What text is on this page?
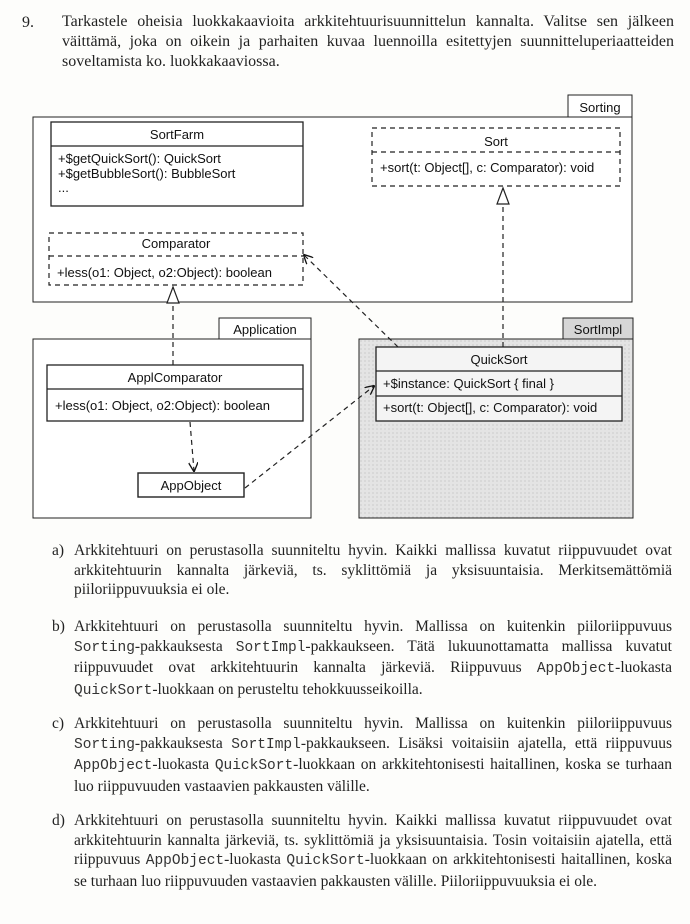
9. Tarkastele oheisia luokkakaavioita arkkitehtuurisuunnittelun kannalta. Valitse sen jälkeen väittämä, joka on oikein ja parhaiten kuvaa luennoilla esitettyjen suunnitteluperiaatteiden soveltamista ko. luokkakaaviossa.
Sorting
SortFarm
+$getQuickSort(): QuickSort
+$getBubbleSort(): BubbleSort
...
Sort
+sort(t: Object[], c: Comparator): void
Comparator
+less(o1: Object, o2:Object): boolean
Application
ApplComparator
+less(o1: Object, o2:Object): boolean
AppObject
SortImpl
QuickSort
+$instance: QuickSort { final }
+sort(t: Object[], c: Comparator): void
a) Arkkitehtuuri on perustasolla suunniteltu hyvin. Kaikki mallissa kuvatut riippuvuudet ovat arkkitehtuurin kannalta järkeviä, ts. syklittömiä ja yksisuuntaisia. Merkitsemättömiä piiloriippuvuuksia ei ole.
b) Arkkitehtuuri on perustasolla suunniteltu hyvin. Mallissa on kuitenkin piiloriippuvuus Sorting-pakkauksesta SortImpl-pakkaukseen. Tätä lukuunottamatta mallissa kuvatut riippuvuudet ovat arkkitehtuurin kannalta järkeviä. Riippuvuus AppObject-luokasta QuickSort-luokkaan on perusteltu tehokkuusseikoilla.
c) Arkkitehtuuri on perustasolla suunniteltu hyvin. Mallissa on kuitenkin piiloriippuvuus Sorting-pakkauksesta SortImpl-pakkaukseen. Lisäksi voitaisiin ajatella, että riippuvuus AppObject-luokasta QuickSort-luokkaan on arkkitehtonisesti haitallinen, koska se turhaan luo riippuvuuden vastaavien pakkausten välille.
d) Arkkitehtuuri on perustasolla suunniteltu hyvin. Kaikki mallissa kuvatut riippuvuudet ovat arkkitehtuurin kannalta järkeviä, ts. syklittömiä ja yksisuuntaisia. Tosin voitaisiin ajatella, että riippuvuus AppObject-luokasta QuickSort-luokkaan on arkkitehtonisesti haitallinen, koska se turhaan luo riippuvuuden vastaavien pakkausten välille. Piiloriippuvuuksia ei ole.
